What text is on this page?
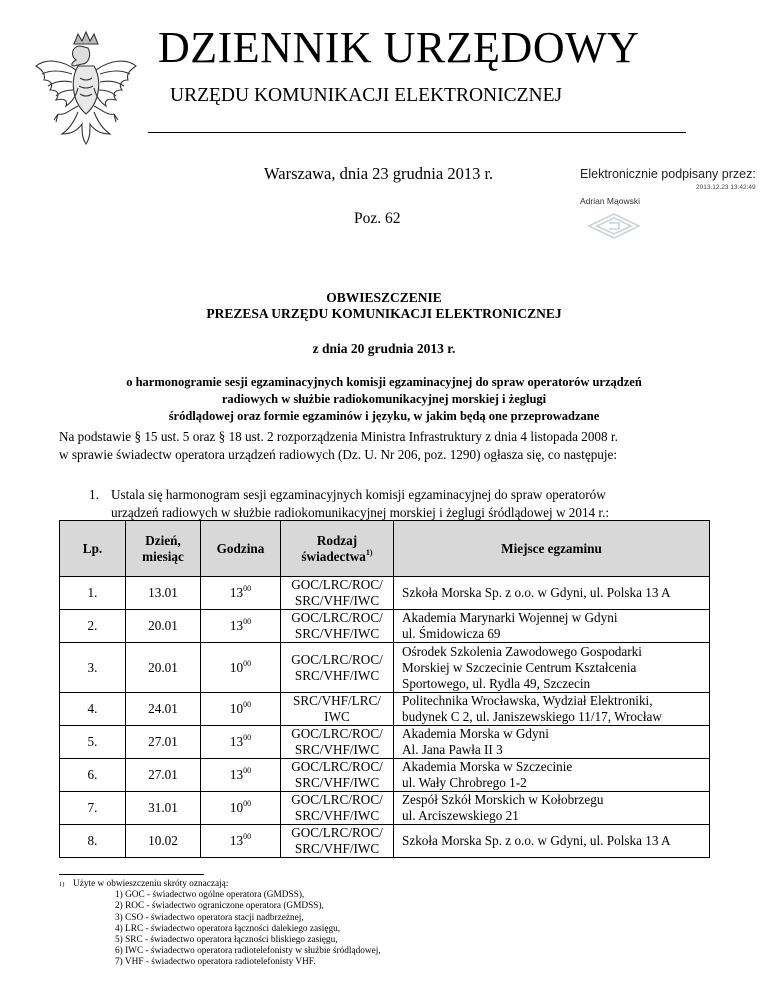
DZIENNIK URZĘDOWY
URZĘDU KOMUNIKACJI ELEKTRONICZNEJ
Warszawa, dnia 23 grudnia 2013 r.
Poz. 62
Elektronicznie podpisany przez:
2013.12.23 13:42:49
Adrian Mąowski
OBWIESZCZENIE
PREZESA URZĘDU KOMUNIKACJI ELEKTRONICZNEJ
z dnia 20 grudnia 2013 r.
o harmonogramie sesji egzaminacyjnych komisji egzaminacyjnej do spraw operatorów urządzeń
radiowych w służbie radiokomunikacyjnej morskiej i żeglugi
śródlądowej oraz formie egzaminów i języku, w jakim będą one przeprowadzane
Na podstawie § 15 ust. 5 oraz § 18 ust. 2 rozporządzenia Ministra Infrastruktury z dnia 4 listopada 2008 r.
w sprawie świadectw operatora urządzeń radiowych (Dz. U. Nr 206, poz. 1290) ogłasza się, co następuje:
1. Ustala się harmonogram sesji egzaminacyjnych komisji egzaminacyjnej do spraw operatorów
urządzeń radiowych w służbie radiokomunikacyjnej morskiej i żeglugi śródlądowej w 2014 r.:
Lp.	Dzień,
miesiąc	Godzina	Rodzaj
świadectwa$^{1)}$	Miejsce egzaminu
1.	13.01	$13^{00}$	GOC/LRC/ROC/
SRC/VHF/IWC	Szkoła Morska Sp. z o.o. w Gdyni, ul. Polska 13 A

2.	20.01	$13^{00}$	GOC/LRC/ROC/
SRC/VHF/IWC	Akademia Marynarki Wojennej w Gdyni
ul. Śmidowicza 69

3.	20.01	$10^{00}$	GOC/LRC/ROC/
SRC/VHF/IWC	Ośrodek Szkolenia Zawodowego Gospodarki
Morskiej w Szczecinie Centrum Kształcenia
Sportowego, ul. Rydla 49, Szczecin

4.	24.01	$10^{00}$	SRC/VHF/LRC/
IWC	Politechnika Wrocławska, Wydział Elektroniki,
budynek C 2, ul. Janiszewskiego 11/17, Wrocław

5.	27.01	$13^{00}$	GOC/LRC/ROC/
SRC/VHF/IWC	Akademia Morska w Gdyni
Al. Jana Pawła II 3

6.	27.01	$13^{00}$	GOC/LRC/ROC/
SRC/VHF/IWC	Akademia Morska w Szczecinie
ul. Wały Chrobrego 1-2

7.	31.01	$10^{00}$	GOC/LRC/ROC/
SRC/VHF/IWC	Zespół Szkół Morskich w Kołobrzegu
ul. Arciszewskiego 21

8.	10.02	$13^{00}$	GOC/LRC/ROC/
SRC/VHF/IWC	Szkoła Morska Sp. z o.o. w Gdyni, ul. Polska 13 A
1) Użyte w obwieszczeniu skróty oznaczają:
1) GOC - świadectwo ogólne operatora (GMDSS),
2) ROC - świadectwo ograniczone operatora (GMDSS),
3) CSO - świadectwo operatora stacji nadbrzeżnej,
4) LRC - świadectwo operatora łączności dalekiego zasięgu,
5) SRC - świadectwo operatora łączności bliskiego zasięgu,
6) IWC - świadectwo operatora radiotelefonisty w służbie śródlądowej,
7) VHF - świadectwo operatora radiotelefonisty VHF.
